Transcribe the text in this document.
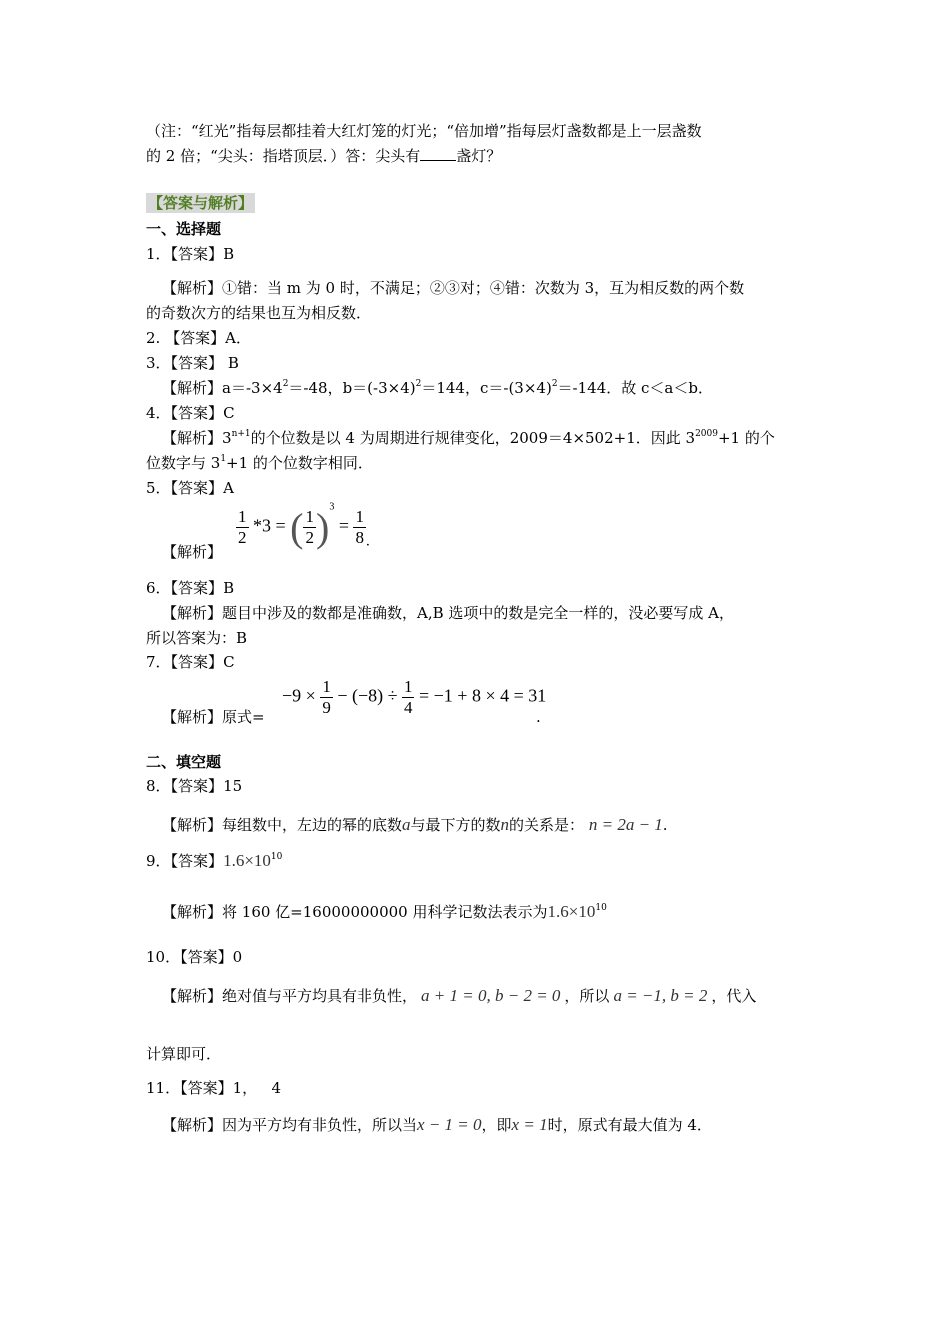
（注：“红光”指每层都挂着大红灯笼的灯光；“倍加增”指每层灯盏数都是上一层盏数
的 2 倍；“尖头：指塔顶层．）答：尖头有 盏灯？
【答案与解析】
一、选择题
1．【答案】B
【解析】①错：当 m 为 0 时，不满足；②③对；④错：次数为 3，互为相反数的两个数
的奇数次方的结果也互为相反数．
2. 【答案】A．
3．【答案】 B
【解析】$a=-3\times 4^2=-48$，$b=(-3\times 4)^2=144$，$c=-(3\times 4)^2=-144$．故 c＜a＜b．
4．【答案】C
【解析】$3^{n+1}$的个位数是以 4 为周期进行规律变化，2009＝4×502+1．因此 $3^{2009}+1$ 的个
位数字与 $3^1+1$ 的个位数字相同．
5．【答案】A
【解析】
$\frac{1}{2} *3$ = ( $\frac{1}{2} )^3 = \frac{1}{8} _.$
6．【答案】B
【解析】题目中涉及的数都是准确数，A,B 选项中的数是完全一样的，没必要写成 A，
所以答案为：B
7．【答案】C
【解析】原式=
$-9 \times \frac{1}{9} - (-8) \div \frac{1}{4} = -1 + 8 \times 4 = 31$
.
二、填空题
8．【答案】15
【解析】每组数中，左边的幂的底数a与最下方的数n的关系是： n = 2a − 1.
9．【答案】$1.6\times 10^{10}$
【解析】将 160 亿=16000000000 用科学记数法表示为$1.6\times 10^{10}$
10．【答案】0
【解析】绝对值与平方均具有非负性， a + 1 = 0, b − 2 = 0 ，所以 a = −1, b = 2 ，代入
计算即可．
11．【答案】1，   4
【解析】因为平方均有非负性，所以当x − 1 = 0，即x = 1时，原式有最大值为 4．
